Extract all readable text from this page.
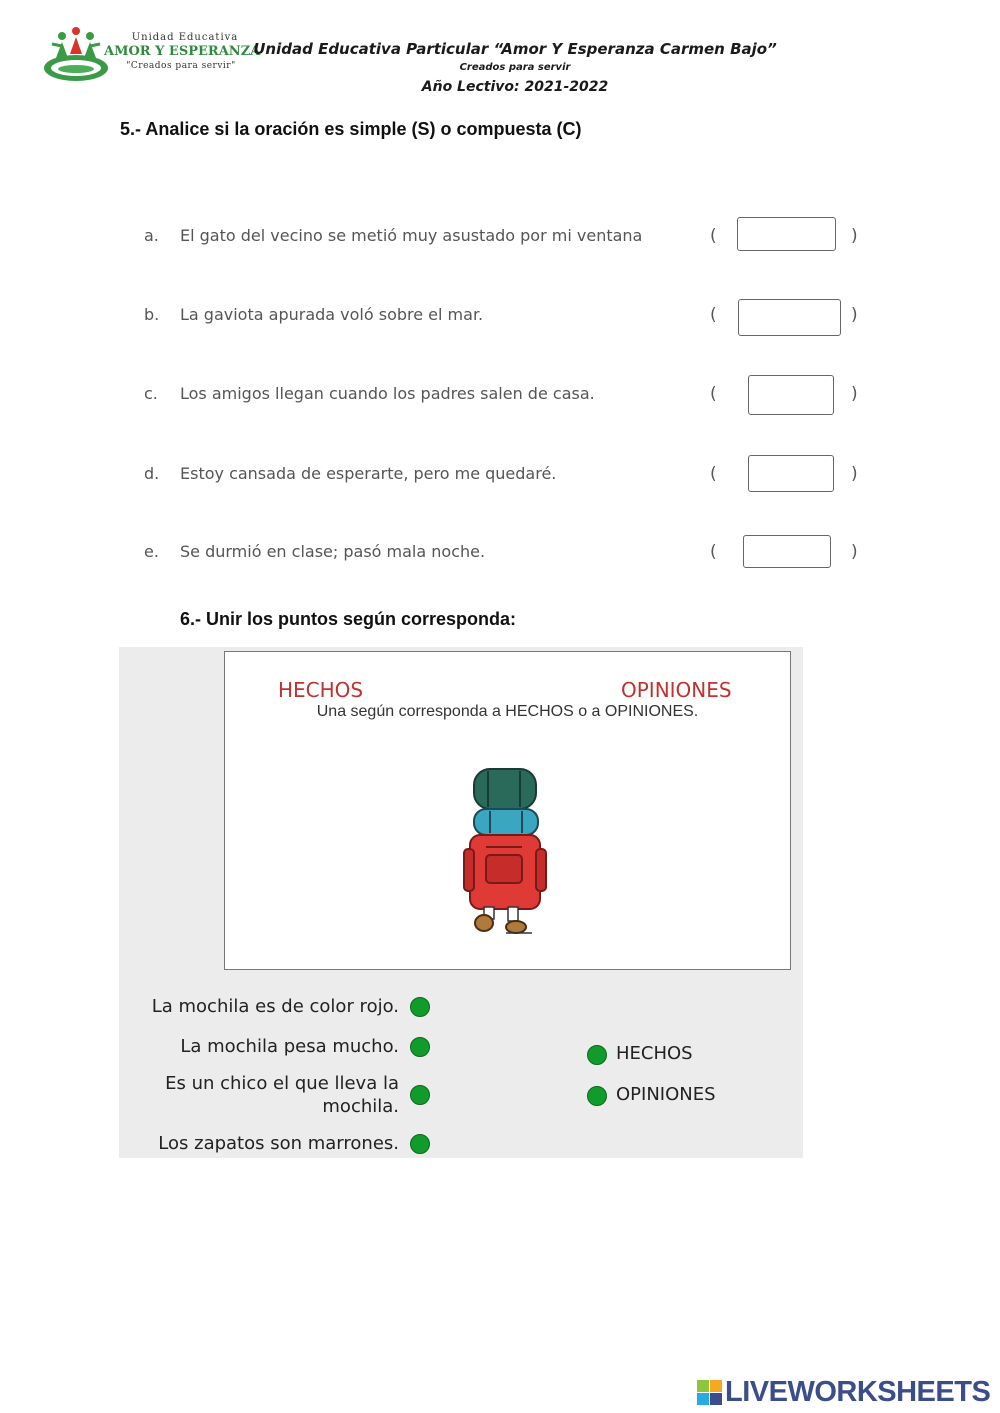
Unidad Educativa
AMOR Y ESPERANZA
"Creados para servir"
Unidad Educativa Particular “Amor Y Esperanza Carmen Bajo”
Creados para servir
Año Lectivo: 2021-2022
5.- Analice si la oración es simple (S) o compuesta (C)
a. El gato del vecino se metió muy asustado por mi ventana	(	)
b. La gaviota apurada voló sobre el mar.	(	)
c. Los amigos llegan cuando los padres salen de casa.	(	)
d. Estoy cansada de esperarte, pero me quedaré.	(	)
e. Se durmió en clase; pasó mala noche.	(	)
6.- Unir los puntos según corresponda:
HECHOS	OPINIONES
Una según corresponda a HECHOS o a OPINIONES.
La mochila es de color rojo.
La mochila pesa mucho.
Es un chico el que lleva la mochila.
Los zapatos son marrones.
HECHOS
OPINIONES
LIVEWORKSHEETS
